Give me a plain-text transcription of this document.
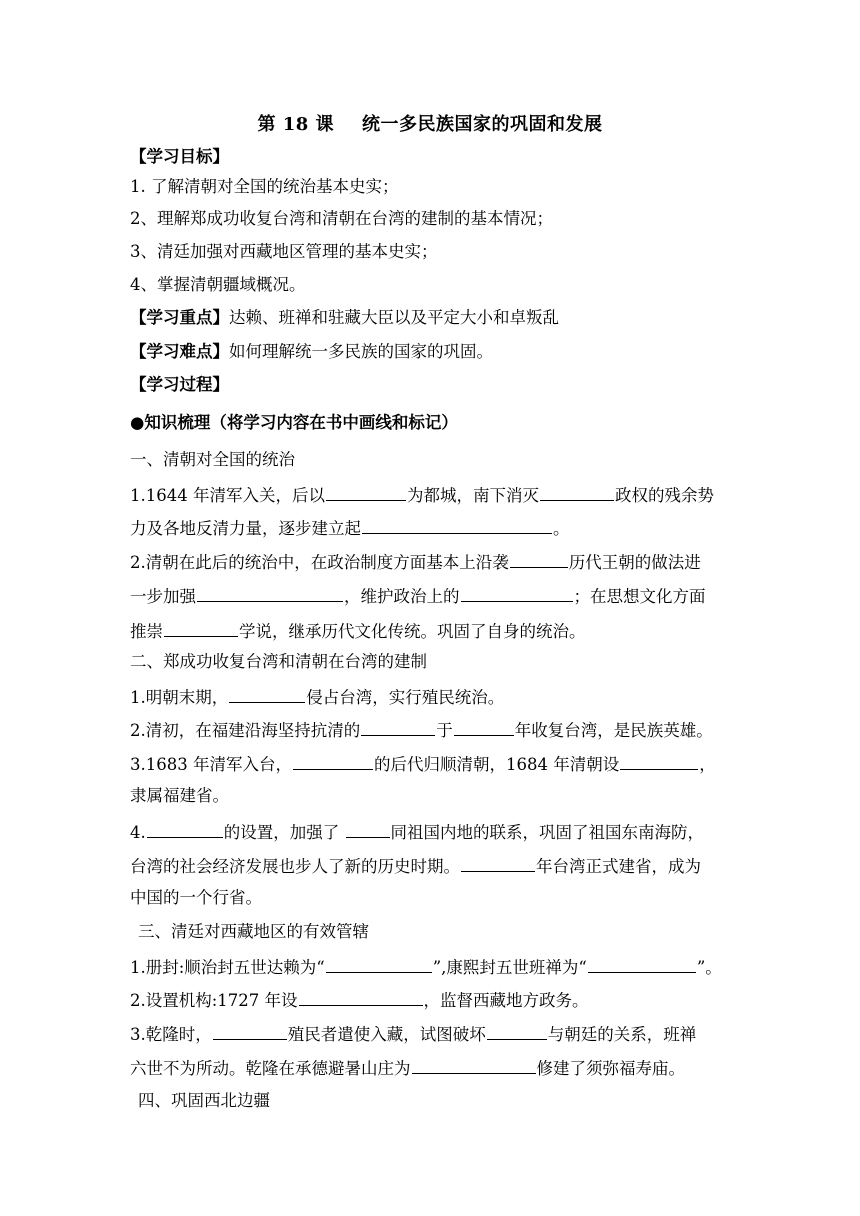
第 18 课 统一多民族国家的巩固和发展
【学习目标】
1. 了解清朝对全国的统治基本史实；
2、理解郑成功收复台湾和清朝在台湾的建制的基本情况；
3、清廷加强对西藏地区管理的基本史实；
4、掌握清朝疆域概况。
【学习重点】达赖、班禅和驻藏大臣以及平定大小和卓叛乱
【学习难点】如何理解统一多民族的国家的巩固。
【学习过程】
●知识梳理（将学习内容在书中画线和标记）
一、清朝对全国的统治
1.1644 年清军入关，后以	为都城，南下消灭	政权的残余势
力及各地反清力量，逐步建立起	。
2.清朝在此后的统治中，在政治制度方面基本上沿袭	历代王朝的做法进
一步加强	，维护政治上的	；在思想文化方面
推崇	学说，继承历代文化传统。巩固了自身的统治。
二、郑成功收复台湾和清朝在台湾的建制
1.明朝末期，	侵占台湾，实行殖民统治。
2.清初，在福建沿海坚持抗清的	于	年收复台湾，是民族英雄。
3.1683 年清军入台，	的后代归顺清朝，1684 年清朝设	，
隶属福建省。
4.	的设置，加强了	同祖国内地的联系，巩固了祖国东南海防，
台湾的社会经济发展也步人了新的历史时期。	年台湾正式建省，成为
中国的一个行省。
三、清廷对西藏地区的有效管辖
1.册封:顺治封五世达赖为“	”,康熙封五世班禅为“	”。
2.设置机构:1727 年设	，监督西藏地方政务。
3.乾隆时，	殖民者遣使入藏，试图破坏	与朝廷的关系，班禅
六世不为所动。乾隆在承德避暑山庄为	修建了须弥福寿庙。
四、巩固西北边疆
